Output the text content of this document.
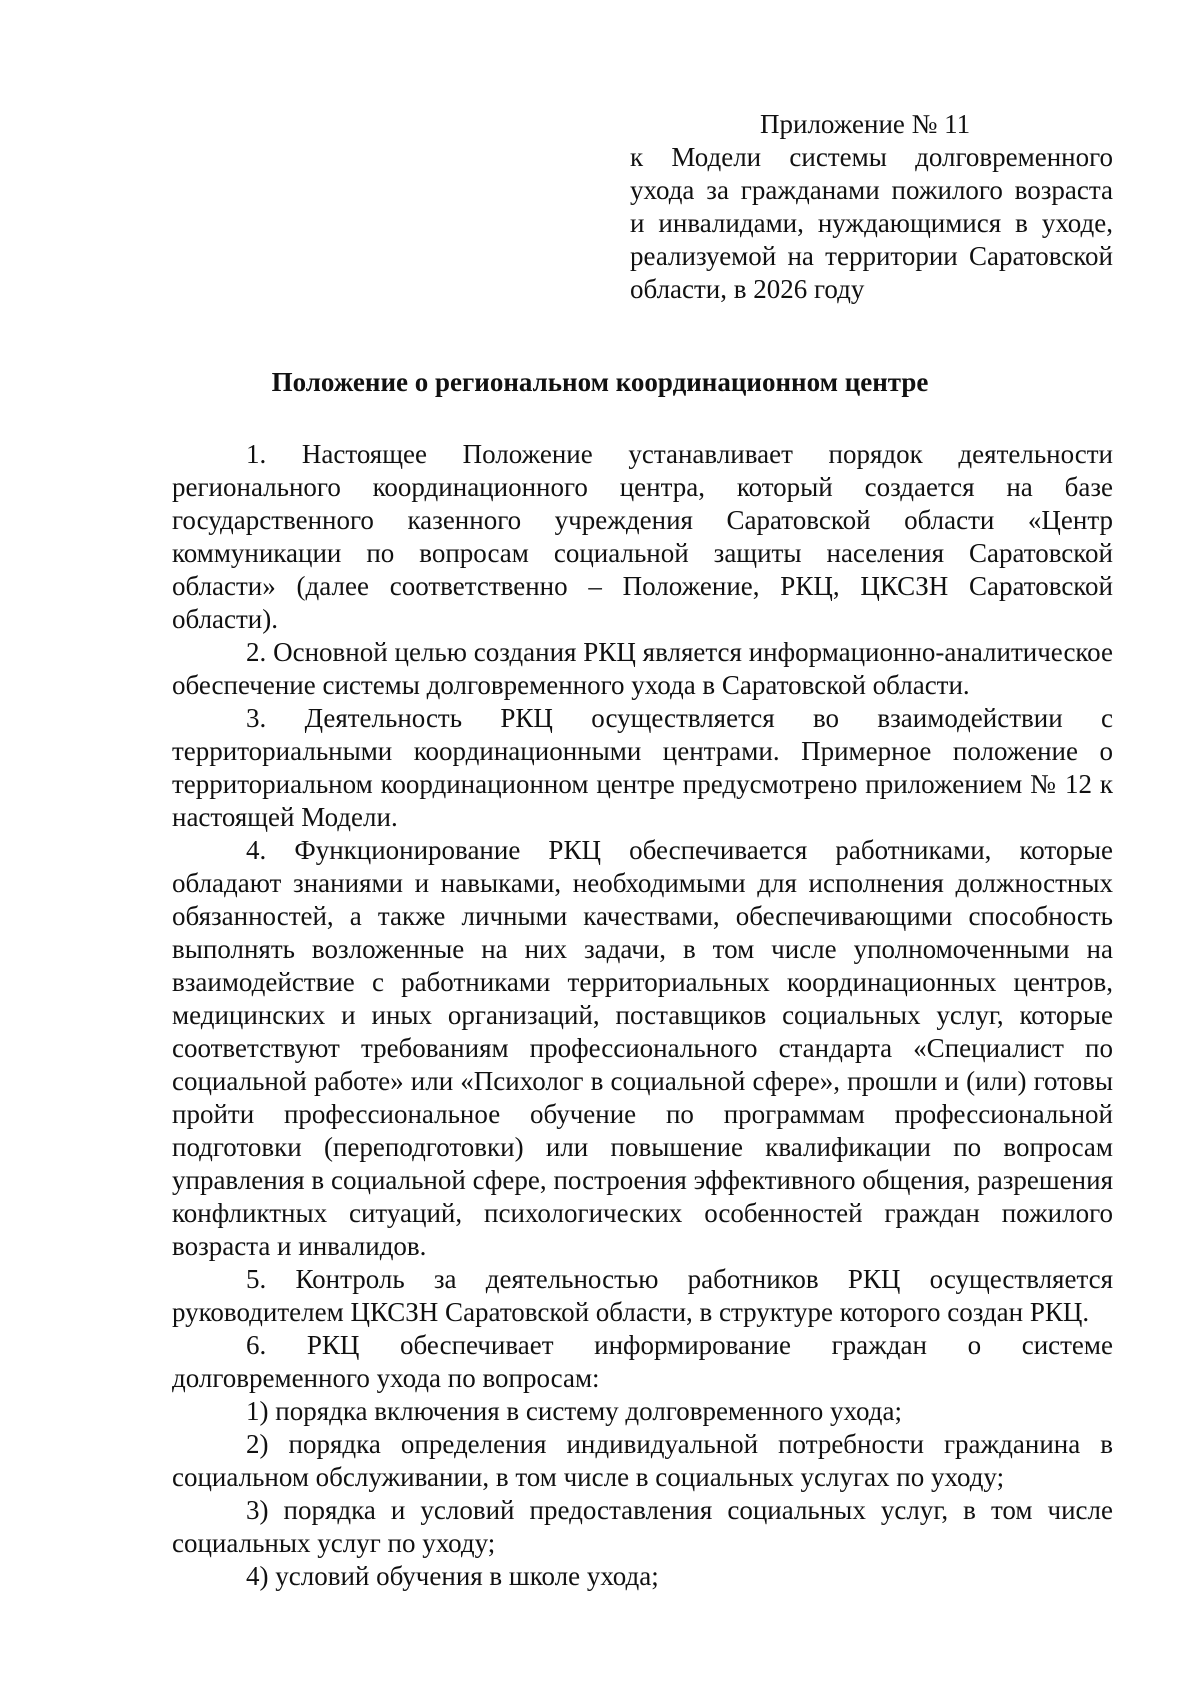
Приложение № 11
к Модели системы долговременного ухода за гражданами пожилого возраста и инвалидами, нуждающимися в уходе, реализуемой на территории Саратовской области, в 2026 году
Положение о региональном координационном центре

1. Настоящее Положение устанавливает порядок деятельности регионального координационного центра, который создается на базе государственного казенного учреждения Саратовской области «Центр коммуникации по вопросам социальной защиты населения Саратовской области» (далее соответственно – Положение, РКЦ, ЦКСЗН Саратовской области).

2. Основной целью создания РКЦ является информационно-аналитическое обеспечение системы долговременного ухода в Саратовской области.

3. Деятельность РКЦ осуществляется во взаимодействии с территориальными координационными центрами. Примерное положение о территориальном координационном центре предусмотрено приложением № 12 к настоящей Модели.

4. Функционирование РКЦ обеспечивается работниками, которые обладают знаниями и навыками, необходимыми для исполнения должностных обязанностей, а также личными качествами, обеспечивающими способность выполнять возложенные на них задачи, в том числе уполномоченными на взаимодействие с работниками территориальных координационных центров, медицинских и иных организаций, поставщиков социальных услуг, которые соответствуют требованиям профессионального стандарта «Специалист по социальной работе» или «Психолог в социальной сфере», прошли и (или) готовы пройти профессиональное обучение по программам профессиональной подготовки (переподготовки) или повышение квалификации по вопросам управления в социальной сфере, построения эффективного общения, разрешения конфликтных ситуаций, психологических особенностей граждан пожилого возраста и инвалидов.

5. Контроль за деятельностью работников РКЦ осуществляется руководителем ЦКСЗН Саратовской области, в структуре которого создан РКЦ.

6. РКЦ обеспечивает информирование граждан о системе долговременного ухода по вопросам:

1) порядка включения в систему долговременного ухода;

2) порядка определения индивидуальной потребности гражданина в социальном обслуживании, в том числе в социальных услугах по уходу;

3) порядка и условий предоставления социальных услуг, в том числе социальных услуг по уходу;

4) условий обучения в школе ухода;
